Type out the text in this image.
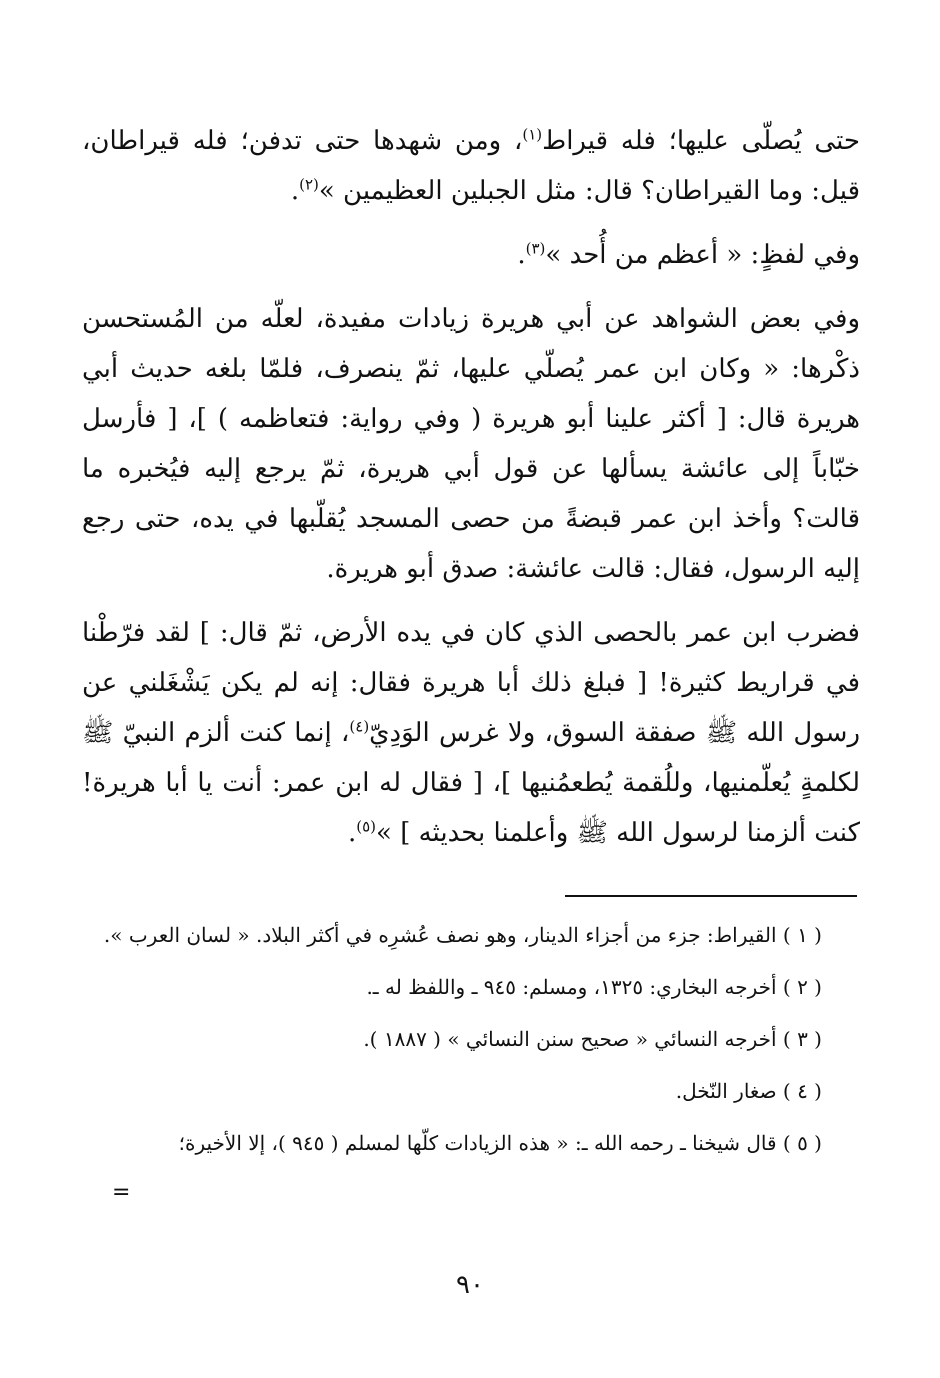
حتى يُصلّى عليها؛ فله قيراط$^{(١)}$، ومن شهدها حتى تدفن؛ فله قيراطان، قيل: وما القيراطان؟ قال: مثل الجبلين العظيمين »$^{(٢)}$.

وفي لفظٍ: « أعظم من أُحد »$^{(٣)}$.

وفي بعض الشواهد عن أبي هريرة زيادات مفيدة، لعلّه من المُستحسن ذكْرها: « وكان ابن عمر يُصلّي عليها، ثمّ ينصرف، فلمّا بلغه حديث أبي هريرة قال: [ أكثر علينا أبو هريرة ( وفي رواية: فتعاظمه ) ]، [ فأرسل خبّاباً إلى عائشة يسألها عن قول أبي هريرة، ثمّ يرجع إليه فيُخبره ما قالت؟ وأخذ ابن عمر قبضةً من حصى المسجد يُقلّبها في يده، حتى رجع إليه الرسول، فقال: قالت عائشة: صدق أبو هريرة.

فضرب ابن عمر بالحصى الذي كان في يده الأرض، ثمّ قال: ] لقد فرّطْنا في قراريط كثيرة! [ فبلغ ذلك أبا هريرة فقال: إنه لم يكن يَشْغَلني عن رسول الله ﷺ صفقة السوق، ولا غرس الوَدِيّ$^{(٤)}$، إنما كنت ألزم النبيّ ﷺ لكلمةٍ يُعلّمنيها، وللُقمة يُطعمُنيها ]، [ فقال له ابن عمر: أنت يا أبا هريرة! كنت ألزمنا لرسول الله ﷺ وأعلمنا بحديثه ] »$^{(٥)}$.

( ١ ) القيراط: جزء من أجزاء الدينار، وهو نصف عُشرِه في أكثر البلاد. « لسان العرب ».

( ٢ ) أخرجه البخاري: ١٣٢٥، ومسلم: ٩٤٥ ـ واللفظ له ـ.

( ٣ ) أخرجه النسائي « صحيح سنن النسائي » ( ١٨٨٧ ).

( ٤ ) صغار النّخل.

( ٥ ) قال شيخنا ـ رحمه الله ـ: « هذه الزيادات كلّها لمسلم ( ٩٤٥ )، إلا الأخيرة؛

=
٩٠
